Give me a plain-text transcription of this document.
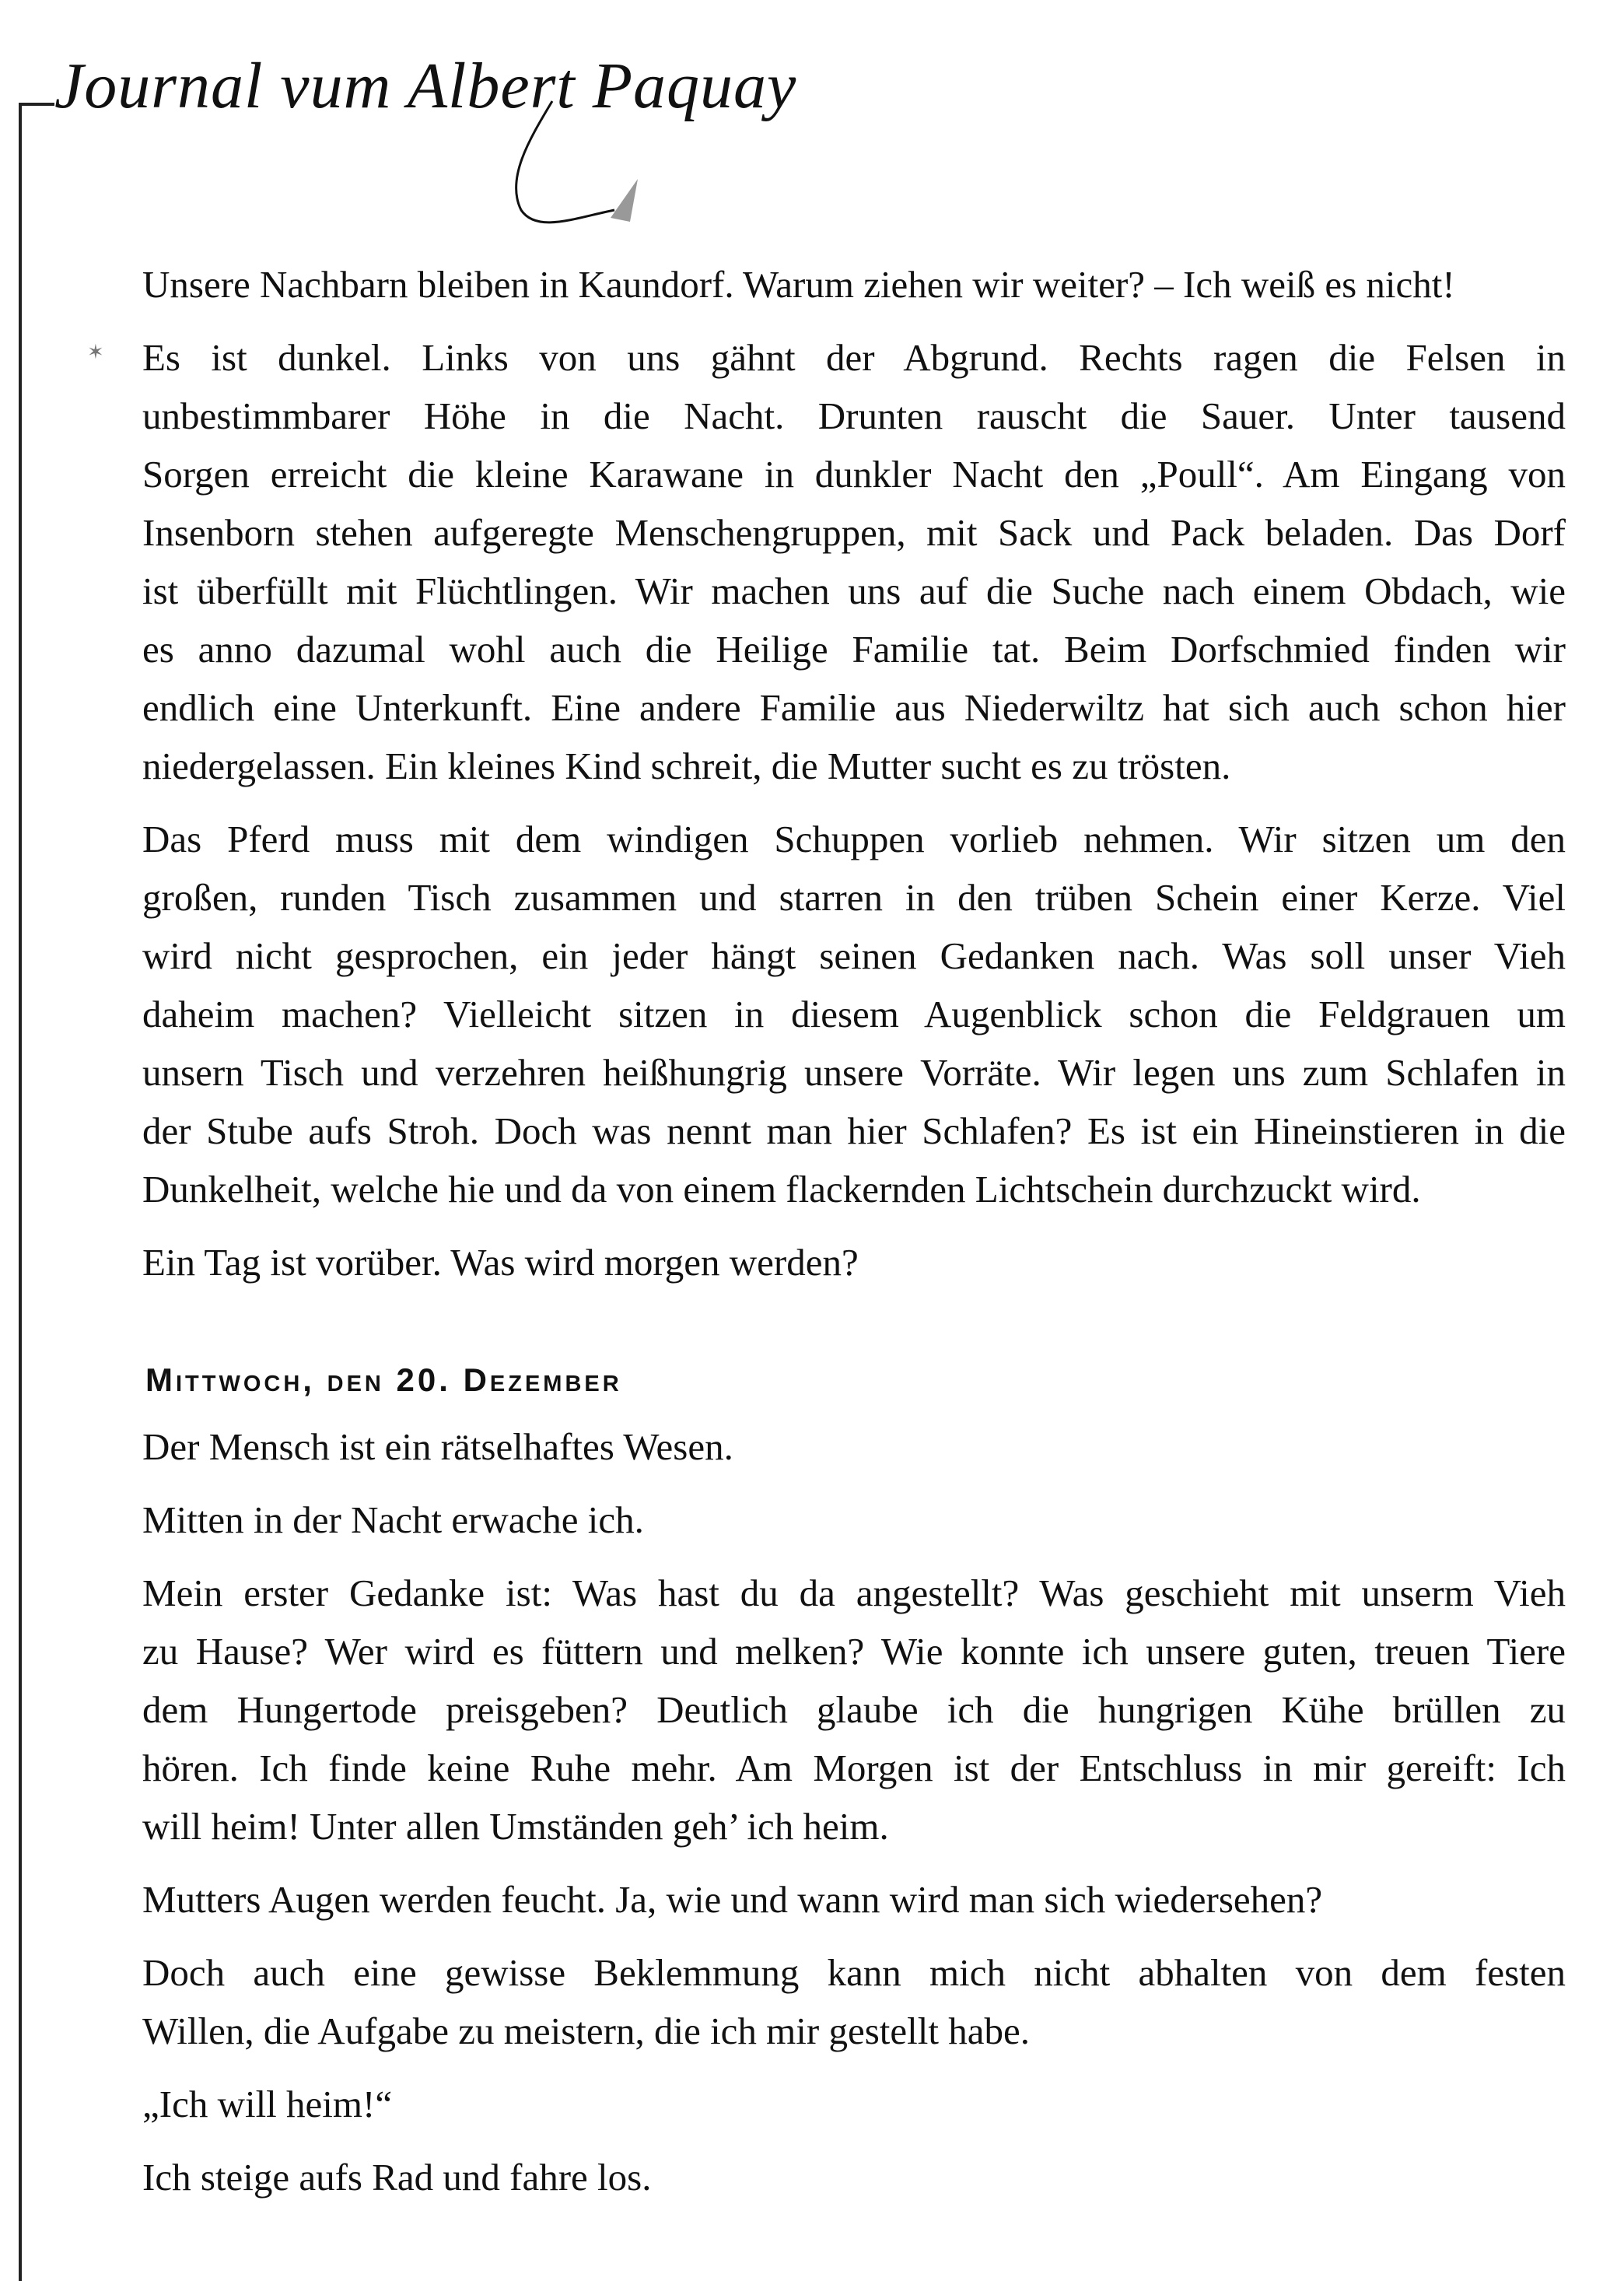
Journal vum Albert Paquay
✶
Unsere Nachbarn bleiben in Kaundorf. Warum ziehen wir weiter? – Ich weiß es nicht!
Es ist dunkel. Links von uns gähnt der Abgrund. Rechts ragen die Felsen in
unbestimmbarer Höhe in die Nacht. Drunten rauscht die Sauer. Unter tausend
Sorgen erreicht die kleine Karawane in dunkler Nacht den „Poull“. Am Eingang von
Insenborn stehen aufgeregte Menschengruppen, mit Sack und Pack beladen. Das Dorf
ist überfüllt mit Flüchtlingen. Wir machen uns auf die Suche nach einem Obdach, wie
es anno dazumal wohl auch die Heilige Familie tat. Beim Dorfschmied finden wir
endlich eine Unterkunft. Eine andere Familie aus Niederwiltz hat sich auch schon hier
niedergelassen. Ein kleines Kind schreit, die Mutter sucht es zu trösten.
Das Pferd muss mit dem windigen Schuppen vorlieb nehmen. Wir sitzen um den
großen, runden Tisch zusammen und starren in den trüben Schein einer Kerze. Viel
wird nicht gesprochen, ein jeder hängt seinen Gedanken nach. Was soll unser Vieh
daheim machen? Vielleicht sitzen in diesem Augenblick schon die Feldgrauen um
unsern Tisch und verzehren heißhungrig unsere Vorräte. Wir legen uns zum Schlafen in
der Stube aufs Stroh. Doch was nennt man hier Schlafen? Es ist ein Hineinstieren in die
Dunkelheit, welche hie und da von einem flackernden Lichtschein durchzuckt wird.
Ein Tag ist vorüber. Was wird morgen werden?
Mittwoch, den 20. Dezember
Der Mensch ist ein rätselhaftes Wesen.
Mitten in der Nacht erwache ich.
Mein erster Gedanke ist: Was hast du da angestellt? Was geschieht mit unserm Vieh
zu Hause? Wer wird es füttern und melken? Wie konnte ich unsere guten, treuen Tiere
dem Hungertode preisgeben? Deutlich glaube ich die hungrigen Kühe brüllen zu
hören. Ich finde keine Ruhe mehr. Am Morgen ist der Entschluss in mir gereift: Ich
will heim! Unter allen Umständen geh’ ich heim.
Mutters Augen werden feucht. Ja, wie und wann wird man sich wiedersehen?
Doch auch eine gewisse Beklemmung kann mich nicht abhalten von dem festen
Willen, die Aufgabe zu meistern, die ich mir gestellt habe.
„Ich will heim!“
Ich steige aufs Rad und fahre los.
